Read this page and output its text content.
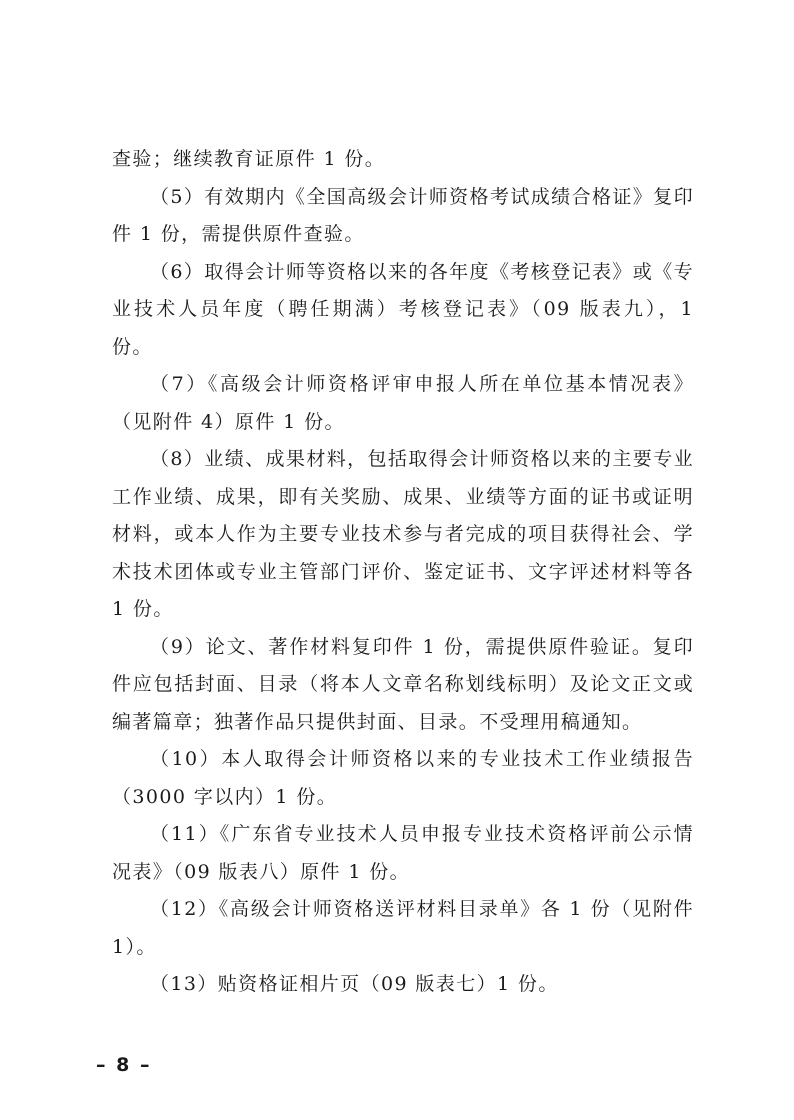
查验；继续教育证原件 1 份。

（5）有效期内《全国高级会计师资格考试成绩合格证》复印件 1 份，需提供原件查验。

（6）取得会计师等资格以来的各年度《考核登记表》或《专业技术人员年度（聘任期满）考核登记表》（09 版表九），1 份。

（7）《高级会计师资格评审申报人所在单位基本情况表》（见附件 4）原件 1 份。

（8）业绩、成果材料，包括取得会计师资格以来的主要专业工作业绩、成果，即有关奖励、成果、业绩等方面的证书或证明材料，或本人作为主要专业技术参与者完成的项目获得社会、学术技术团体或专业主管部门评价、鉴定证书、文字评述材料等各 1 份。

（9）论文、著作材料复印件 1 份，需提供原件验证。复印件应包括封面、目录（将本人文章名称划线标明）及论文正文或编著篇章；独著作品只提供封面、目录。不受理用稿通知。

（10）本人取得会计师资格以来的专业技术工作业绩报告（3000 字以内）1 份。

（11）《广东省专业技术人员申报专业技术资格评前公示情况表》（09 版表八）原件 1 份。

（12）《高级会计师资格送评材料目录单》各 1 份（见附件 1）。

（13）贴资格证相片页（09 版表七）1 份。

– 8 –
